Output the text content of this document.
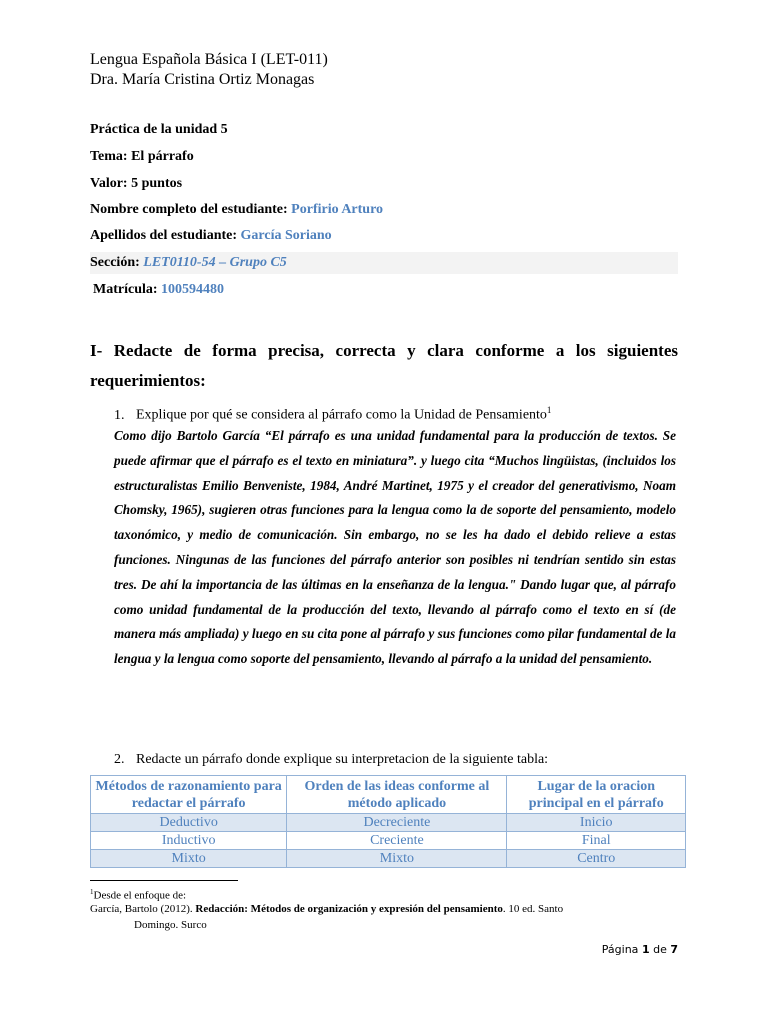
Lengua Española Básica I (LET-011)
Dra. María Cristina Ortiz Monagas
Práctica de la unidad 5
Tema: El párrafo
Valor: 5 puntos
Nombre completo del estudiante: Porfirio Arturo
Apellidos del estudiante: García Soriano
Sección: LET0110-54 – Grupo C5
Matrícula: 100594480
I- Redacte de forma precisa, correcta y clara conforme a los siguientes requerimientos:
1. Explique por qué se considera al párrafo como la Unidad de Pensamiento$^1$
Como dijo Bartolo García “El párrafo es una unidad fundamental para la producción de textos. Se puede afirmar que el párrafo es el texto en miniatura”. y luego cita “Muchos lingüistas, (incluidos los estructuralistas Emilio Benveniste, 1984, André Martinet, 1975 y el creador del generativismo, Noam Chomsky, 1965), sugieren otras funciones para la lengua como la de soporte del pensamiento, modelo taxonómico, y medio de comunicación. Sin embargo, no se les ha dado el debido relieve a estas funciones. Ningunas de las funciones del párrafo anterior son posibles ni tendrían sentido sin estas tres. De ahí la importancia de las últimas en la enseñanza de la lengua." Dando lugar que, al párrafo como unidad fundamental de la producción del texto, llevando al párrafo como el texto en sí (de manera más ampliada) y luego en su cita pone al párrafo y sus funciones como pilar fundamental de la lengua y la lengua como soporte del pensamiento, llevando al párrafo a la unidad del pensamiento.
2. Redacte un párrafo donde explique su interpretacion de la siguiente tabla:
Métodos de razonamiento para redactar el párrafo	Orden de las ideas conforme al método aplicado	Lugar de la oracion principal en el párrafo
Deductivo	Decreciente	Inicio
Inductivo	Creciente	Final
Mixto	Mixto	Centro
$^1$Desde el enfoque de:
García, Bartolo (2012). Redacción: Métodos de organización y expresión del pensamiento. 10 ed. Santo
Domingo. Surco
Página 1 de 7
